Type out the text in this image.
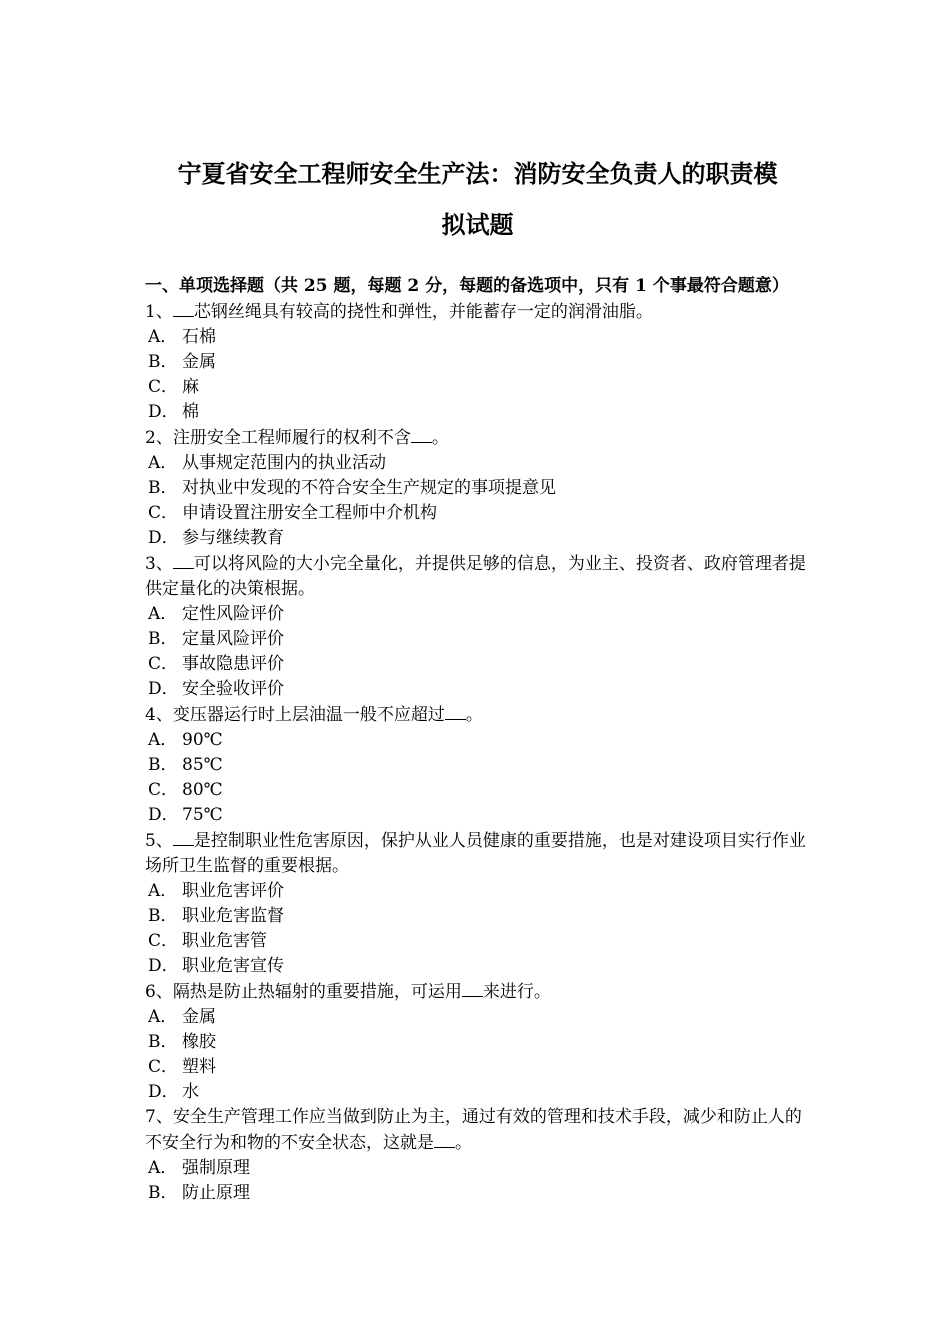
宁夏省安全工程师安全生产法：消防安全负责人的职责模
拟试题
一、单项选择题（共 25 题，每题 2 分，每题的备选项中，只有 1 个事最符合题意）
1、 芯钢丝绳具有较高的挠性和弹性，并能蓄存一定的润滑油脂。
A． 石棉
B． 金属
C． 麻
D． 棉
2、注册安全工程师履行的权利不含 。
A． 从事规定范围内的执业活动
B． 对执业中发现的不符合安全生产规定的事项提意见
C． 申请设置注册安全工程师中介机构
D． 参与继续教育
3、 可以将风险的大小完全量化，并提供足够的信息，为业主、投资者、政府管理者提供定量化的决策根据。
A． 定性风险评价
B． 定量风险评价
C． 事故隐患评价
D． 安全验收评价
4、变压器运行时上层油温一般不应超过 。
A． 90℃
B． 85℃
C． 80℃
D． 75℃
5、 是控制职业性危害原因，保护从业人员健康的重要措施，也是对建设项目实行作业场所卫生监督的重要根据。
A． 职业危害评价
B． 职业危害监督
C． 职业危害管
D． 职业危害宣传
6、隔热是防止热辐射的重要措施，可运用 来进行。
A． 金属
B． 橡胶
C． 塑料
D． 水
7、安全生产管理工作应当做到防止为主，通过有效的管理和技术手段，减少和防止人的不安全行为和物的不安全状态，这就是 。
A． 强制原理
B． 防止原理
